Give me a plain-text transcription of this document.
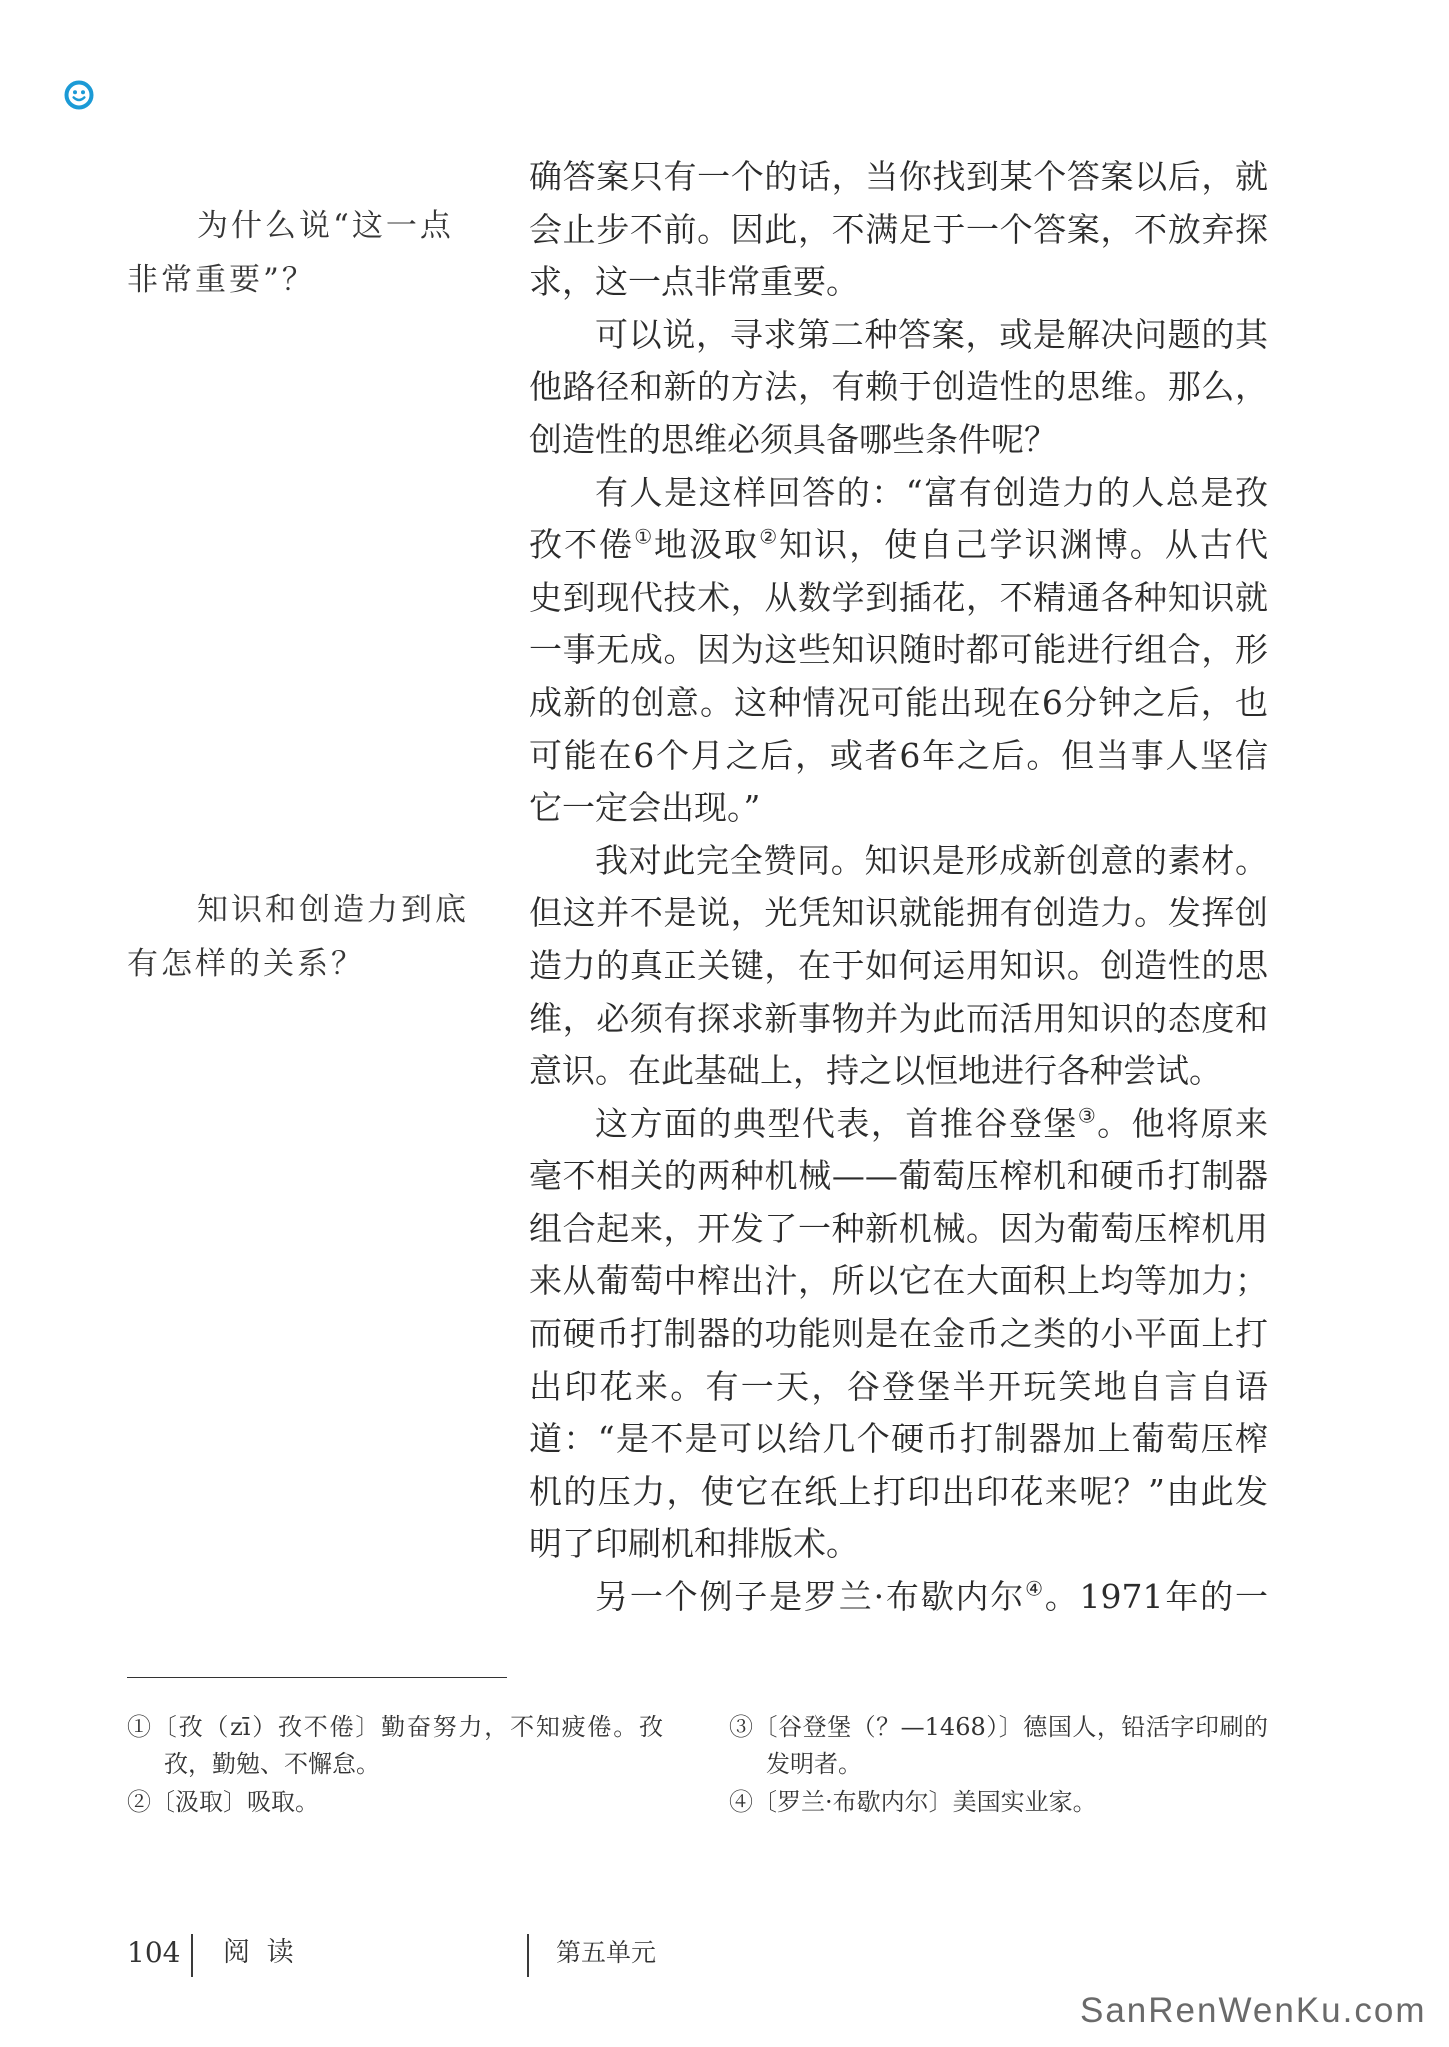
为什么说“这一点
非常重要”？
知识和创造力到底
有怎样的关系？
确答案只有一个的话，当你找到某个答案以后，就
会止步不前。因此，不满足于一个答案，不放弃探
求，这一点非常重要。
可以说，寻求第二种答案，或是解决问题的其
他路径和新的方法，有赖于创造性的思维。那么，
创造性的思维必须具备哪些条件呢？
有人是这样回答的：“富有创造力的人总是孜
孜不倦①地汲取②知识，使自己学识渊博。从古代
史到现代技术，从数学到插花，不精通各种知识就
一事无成。因为这些知识随时都可能进行组合，形
成新的创意。这种情况可能出现在6分钟之后，也
可能在6个月之后，或者6年之后。但当事人坚信
它一定会出现。”
我对此完全赞同。知识是形成新创意的素材。
但这并不是说，光凭知识就能拥有创造力。发挥创
造力的真正关键，在于如何运用知识。创造性的思
维，必须有探求新事物并为此而活用知识的态度和
意识。在此基础上，持之以恒地进行各种尝试。
这方面的典型代表，首推谷登堡③。他将原来
毫不相关的两种机械——葡萄压榨机和硬币打制器
组合起来，开发了一种新机械。因为葡萄压榨机用
来从葡萄中榨出汁，所以它在大面积上均等加力；
而硬币打制器的功能则是在金币之类的小平面上打
出印花来。有一天，谷登堡半开玩笑地自言自语
道：“是不是可以给几个硬币打制器加上葡萄压榨
机的压力，使它在纸上打印出印花来呢？”由此发
明了印刷机和排版术。
另一个例子是罗兰·布歇内尔④。1971年的一
①〔孜（zī）孜不倦〕勤奋努力，不知疲倦。孜
孜，勤勉、不懈怠。
②〔汲取〕吸取。
③〔谷登堡（？—1468）〕德国人，铅活字印刷的
发明者。
④〔罗兰·布歇内尔〕美国实业家。
104 阅 读	第五单元
SanRenWenKu.com
